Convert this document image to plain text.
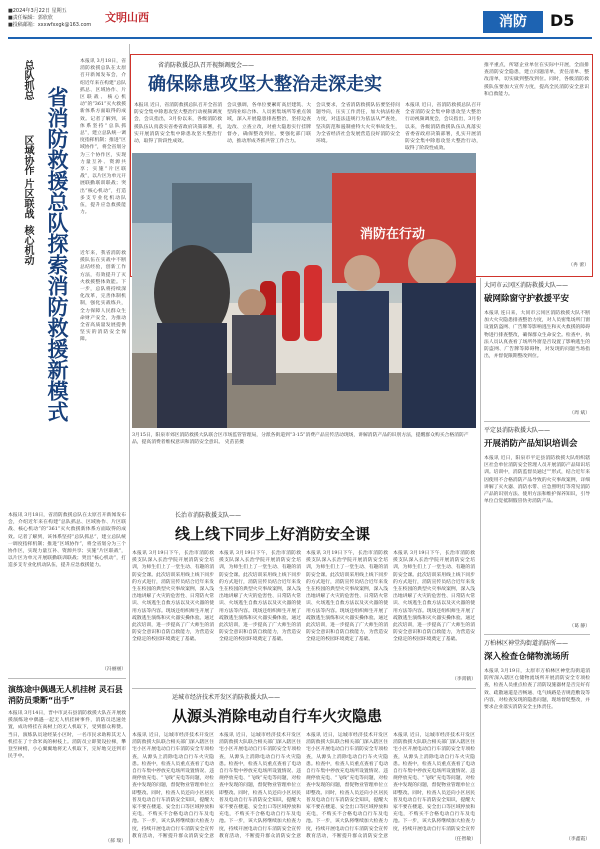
■2024年3月22日 星期五
■责任编辑：郭欣欣
■投稿邮箱：xxxwfxxgk@163.com
文明山西	消防	D5
总队抓总
区域协作 片区联战
核心机动 省消防救援总队探索消防救援新模式
本报讯 3月18日，省消防救援总队在太原召开新闻发布会，介绍近年来在构建“总队抓总、区域协作、片区联战、核心机动”的“361”灭火救援新体系方面取得的成效。记者了解到，该体系坚持“总队抓总”，建立总队统一调度指挥机制；推进“区域协作”，将全省划分为三个协作区，实现力量互补、资源共享；实施“片区联战”，以片区为单元开展联勤联训联战；突出“核心机动”，打造多支专业化机动队伍，提升应急救援能力。
近年来，我省消防救援队伍在实战中不断总结经验，创新工作方法，有效提升了灭火救援整体效能。下一步，总队将持续深化改革，完善体制机制，强化实战练兵，全力保障人民群众生命财产安全，为推动全省高质量发展提供坚实的消防安全保障。
本报讯 3月18日，省消防救援总队在太原召开新闻发布会，介绍近年来在构建“总队抓总、区域协作、片区联战、核心机动”的“361”灭火救援新体系方面取得的成效。记者了解到，该体系坚持“总队抓总”，建立总队统一调度指挥机制；推进“区域协作”，将全省划分为三个协作区，实现力量互补、资源共享；实施“片区联战”，以片区为单元开展联勤联训联战；突出“核心机动”，打造多支专业化机动队伍，提升应急救援能力。
（冯丽丽）
演练途中偶遇无人机挂树 灵石县消防员秉断“出手”
本报讯 3月14日，晋中市灵石县消防救援大队在开展救援演练途中偶遇一起无人机挂树事件，消防员迅速处置，成功将挂在高树上的无人机取下，受到群众称赞。当日，演练队员途经某小区时，一名市民求助称其无人机挂在了十余米高的树枝上。消防员立即架设拉梯，攀登至树梢，小心翼翼地将无人机取下，完好地交还到市民手中。
（郝 瑞）
省消防救援总队召开视频调度会——
确保除患攻坚大整治走深走实
本报讯 近日，省消防救援总队召开全省消防安全集中除患攻坚大整治行动视频调度会，会议指出，3月份以来，各级消防救援队伍认真落实省委省政府决策部署，扎实开展消防安全集中除患攻坚大整治行动，取得了阶段性成效。
会议强调，各单位要紧盯高层建筑、大型商业综合体、人员密集场所等重点领域，深入开展隐患排查整治，坚持边查边改、立查立改，对重大隐患实行挂牌督办，确保整改到位。要强化部门联动，推动形成齐抓共管工作合力。
会议要求，全省消防救援队伍要坚持问题导向，压实工作责任，加大执法检查力度，对违法违规行为依法从严查处，坚决防范和遏制重特大火灾事故发生，为全省经济社会发展营造良好消防安全环境。
本报讯 近日，省消防救援总队召开全省消防安全集中除患攻坚大整治行动视频调度会，会议指出，3月份以来，各级消防救援队伍认真落实省委省政府决策部署，扎实开展消防安全集中除患攻坚大整治行动，取得了阶段性成效。
推平重点，所辖企业单位在实际中开展，全面排查消防安全隐患，建立问题清单，责任清单、整改清单，切实做到整改到位。同时，各级消防救援队伍要加大宣传力度，提高全民消防安全意识和自救能力。
（冉 蕾）
消防在行动
3月15日，阳泉市郊区消防救援大队联合区市场监管管理局，分派各街道到“3·15”消费产品宣传活动现场，讲解消防产品的识别方法，提醒群众购买合格消防产品，提高消费者维权意识和消防安全意识。 史苗苗摄
长治市消防救援支队——
线上线下同步上好消防安全课
本报讯 3月19日下午，长治市消防救援支队深入长治学院开展消防安全培训，为师生们上了一堂生动、有趣的消防安全课。此次培训采用线上线下同步的方式进行，消防宣传员结合近年来发生在校园的典型火灾事故案例，深入浅出地讲解了火灾的危害性、日常防火常识、火场逃生自救方法以及灭火器的使用方法等内容。现场还组织师生开展了疏散逃生演练和灭火器实操体验。通过此次培训，进一步提高了广大师生的消防安全意识和自防自救能力，为营造安全稳定的校园环境奠定了基础。
本报讯 3月19日下午，长治市消防救援支队深入长治学院开展消防安全培训，为师生们上了一堂生动、有趣的消防安全课。此次培训采用线上线下同步的方式进行，消防宣传员结合近年来发生在校园的典型火灾事故案例，深入浅出地讲解了火灾的危害性、日常防火常识、火场逃生自救方法以及灭火器的使用方法等内容。现场还组织师生开展了疏散逃生演练和灭火器实操体验。通过此次培训，进一步提高了广大师生的消防安全意识和自防自救能力，为营造安全稳定的校园环境奠定了基础。
本报讯 3月19日下午，长治市消防救援支队深入长治学院开展消防安全培训，为师生们上了一堂生动、有趣的消防安全课。此次培训采用线上线下同步的方式进行，消防宣传员结合近年来发生在校园的典型火灾事故案例，深入浅出地讲解了火灾的危害性、日常防火常识、火场逃生自救方法以及灭火器的使用方法等内容。现场还组织师生开展了疏散逃生演练和灭火器实操体验。通过此次培训，进一步提高了广大师生的消防安全意识和自防自救能力，为营造安全稳定的校园环境奠定了基础。
本报讯 3月19日下午，长治市消防救援支队深入长治学院开展消防安全培训，为师生们上了一堂生动、有趣的消防安全课。此次培训采用线上线下同步的方式进行，消防宣传员结合近年来发生在校园的典型火灾事故案例，深入浅出地讲解了火灾的危害性、日常防火常识、火场逃生自救方法以及灭火器的使用方法等内容。现场还组织师生开展了疏散逃生演练和灭火器实操体验。通过此次培训，进一步提高了广大师生的消防安全意识和自防自救能力，为营造安全稳定的校园环境奠定了基础。
（李霄鹤）
运城市经济技术开发区消防救援大队——
从源头消除电动自行车火灾隐患
本报讯 近日，运城市经济技术开发区消防救援大队联合相关部门深入辖区住宅小区开展电动自行车消防安全专项检查，从源头上消除电动自行车火灾隐患。检查中，检查人员重点查看了电动自行车集中停放充电场所设置情况、违规停放充电、“飞线”充电等问题，对检查中发现的问题，督促物业管理单位立即整改。同时，检查人员还向小区居民普及电动自行车消防安全知识，提醒大家不要在楼道、安全出口等区域停放和充电，不购买不合格电动自行车及电池。下一步，该大队将继续加大检查力度，持续开展电动自行车消防安全宣传教育活动，不断提升群众消防安全意
本报讯 近日，运城市经济技术开发区消防救援大队联合相关部门深入辖区住宅小区开展电动自行车消防安全专项检查，从源头上消除电动自行车火灾隐患。检查中，检查人员重点查看了电动自行车集中停放充电场所设置情况、违规停放充电、“飞线”充电等问题，对检查中发现的问题，督促物业管理单位立即整改。同时，检查人员还向小区居民普及电动自行车消防安全知识，提醒大家不要在楼道、安全出口等区域停放和充电，不购买不合格电动自行车及电池。下一步，该大队将继续加大检查力度，持续开展电动自行车消防安全宣传教育活动，不断提升群众消防安全意
本报讯 近日，运城市经济技术开发区消防救援大队联合相关部门深入辖区住宅小区开展电动自行车消防安全专项检查，从源头上消除电动自行车火灾隐患。检查中，检查人员重点查看了电动自行车集中停放充电场所设置情况、违规停放充电、“飞线”充电等问题，对检查中发现的问题，督促物业管理单位立即整改。同时，检查人员还向小区居民普及电动自行车消防安全知识，提醒大家不要在楼道、安全出口等区域停放和充电，不购买不合格电动自行车及电池。下一步，该大队将继续加大检查力度，持续开展电动自行车消防安全宣传教育活动，不断提升群众消防安全意
本报讯 近日，运城市经济技术开发区消防救援大队联合相关部门深入辖区住宅小区开展电动自行车消防安全专项检查，从源头上消除电动自行车火灾隐患。检查中，检查人员重点查看了电动自行车集中停放充电场所设置情况、违规停放充电、“飞线”充电等问题，对检查中发现的问题，督促物业管理单位立即整改。同时，检查人员还向小区居民普及电动自行车消防安全知识，提醒大家不要在楼道、安全出口等区域停放和充电，不购买不合格电动自行车及电池。下一步，该大队将继续加大检查力度，持续开展电动自行车消防安全宣传
（任智敏）
大同市云冈区消防救援大队——
破网除窗守护救援平安
本报讯 连日来，大同市云冈区消防救援大队不断加大火灾隐患排查整治力度，对人员密集场所门窗设置防盗网、广告牌等影响逃生和灭火救援的障碍物进行排查整改，确保群众生命安全。检查中，执法人员认真查看了场所外窗是否设置了影响逃生的防盗网、广告牌等障碍物，对发现的问题当场指出，并督促限期整改到位。
（周 斌）
平定县消防救援大队——
开展消防产品知识培训会
本报讯 近日，阳泉市平定县消防救援大队组织辖区社会单位消防安全管理人员开展消防产品知识培训。培训中，消防监督员通过“”形式，结合近年来因使用不合格消防产品导致的火灾事故案例，详细讲解了灭火器、消防水带、应急照明灯等常见消防产品的识别方法、使用方法和维护保养知识，引导单位自觉抵制假冒伪劣消防产品。
（葛 静）
万柏林区神堂沟街道消防所——
深入检查仓储物流场所
本报讯 3月19日，太原市万柏林区神堂沟街道消防所深入辖区仓储物流场所开展消防安全专项检查，检查人员重点检查了消防设施器材是否完好有效、疏散通道是否畅通、电气线路是否规范敷设等内容，对检查发现的隐患问题，现场督促整改，并要求企业落实消防安全主体责任。
（李鑫霞）
